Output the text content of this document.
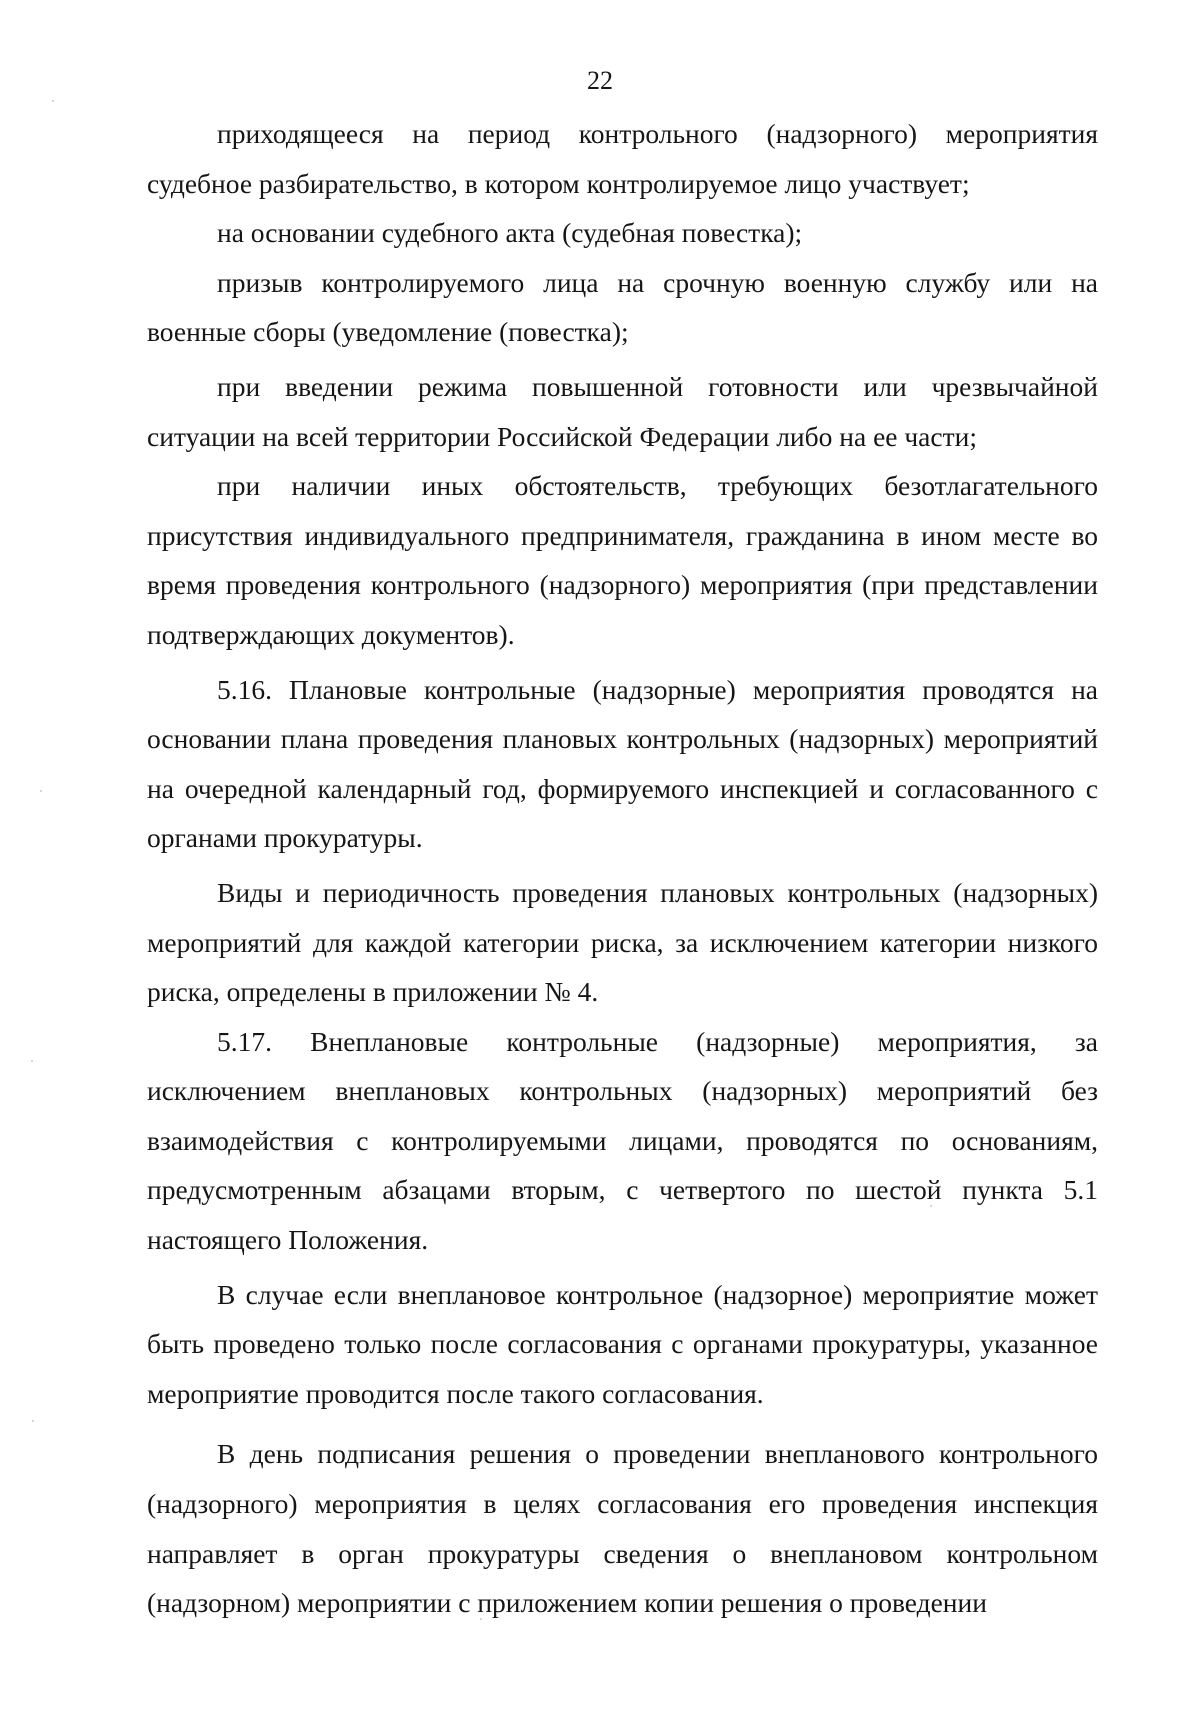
22

приходящееся на период контрольного (надзорного) мероприятия судебное разбирательство, в котором контролируемое лицо участвует;

на основании судебного акта (судебная повестка);

призыв контролируемого лица на срочную военную службу или на военные сборы (уведомление (повестка);

при введении режима повышенной готовности или чрезвычайной ситуации на всей территории Российской Федерации либо на ее части;

при наличии иных обстоятельств, требующих безотлагательного присутствия индивидуального предпринимателя, гражданина в ином месте во время проведения контрольного (надзорного) мероприятия (при представлении подтверждающих документов).

5.16. Плановые контрольные (надзорные) мероприятия проводятся на основании плана проведения плановых контрольных (надзорных) мероприятий на очередной календарный год, формируемого инспекцией и согласованного с органами прокуратуры.

Виды и периодичность проведения плановых контрольных (надзорных) мероприятий для каждой категории риска, за исключением категории низкого риска, определены в приложении № 4.

5.17. Внеплановые контрольные (надзорные) мероприятия, за исключением внеплановых контрольных (надзорных) мероприятий без взаимодействия с контролируемыми лицами, проводятся по основаниям, предусмотренным абзацами вторым, с четвертого по шестой пункта 5.1 настоящего Положения.

В случае если внеплановое контрольное (надзорное) мероприятие может быть проведено только после согласования с органами прокуратуры, указанное мероприятие проводится после такого согласования.

В день подписания решения о проведении внепланового контрольного (надзорного) мероприятия в целях согласования его проведения инспекция направляет в орган прокуратуры сведения о внеплановом контрольном (надзорном) мероприятии с приложением копии решения о проведении
